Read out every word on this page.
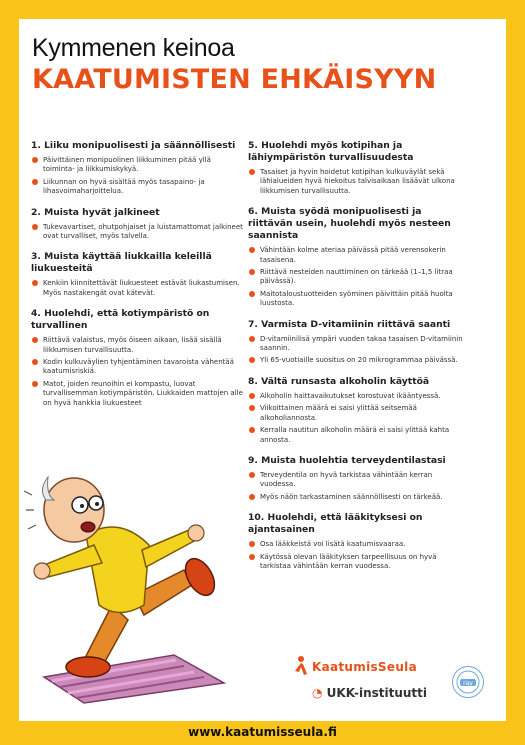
Kymmenen keinoa
KAATUMISTEN EHKÄISYYN
1. Liiku monipuolisesti ja säännöllisesti
Päivittäinen monipuolinen liikkuminen pitää yllä toiminta- ja liikkumiskykyä.
Liikunnan on hyvä sisältää myös tasapaino- ja lihasvoimaharjoittelua.
2. Muista hyvät jalkineet
Tukevavartiset, ohutpohjaiset ja luistamattomat jalkineet ovat turvalliset, myös talvella.
3. Muista käyttää liukkailla keleillä liukuesteitä
Kenkiin kiinnitettävät liukuesteet estävät liukastumisen. Myös nastakengät ovat kätevät.
4. Huolehdi, että kotiympäristö on turvallinen
Riittävä valaistus, myös öiseen aikaan, lisää sisällä liikkumisen turvallisuutta.
Kodin kulkuväylien tyhjentäminen tavaroista vähentää kaatumisriskiä.
Matot, joiden reunoihin ei kompastu, luovat turvallisemman kotiympäristön. Liukkaiden mattojen alle on hyvä hankkia liukuesteet
5. Huolehdi myös kotipihan ja lähiympäristön turvallisuudesta
Tasaiset ja hyvin hoidetut kotipihan kulkuväylät sekä lähialueiden hyvä hiekoitus talvisaikaan lisäävät ulkona liikkumisen turvallisuutta.
6. Muista syödä monipuolisesti ja riittävän usein, huolehdi myös nesteen saannista
Vähintään kolme ateriaa päivässä pitää verensokerin tasaisena.
Riittävä nesteiden nauttiminen on tärkeää (1–1,5 litraa päivässä).
Maitotaloustuotteiden syöminen päivittäin pitää huolta luustosta.
7. Varmista D-vitamiinin riittävä saanti
D-vitamiinilisä ympäri vuoden takaa tasaisen D-vitamiinin saannin.
Yli 65-vuotiaille suositus on 20 mikrogrammaa päivässä.
8. Vältä runsasta alkoholin käyttöä
Alkoholin haittavaikutukset korostuvat ikääntyessä.
Viikoittainen määrä ei saisi ylittää seitsemää alkoholiannosta.
Kerralla nautitun alkoholin määrä ei saisi ylittää kahta annosta.
9. Muista huolehtia terveydentilastasi
Terveydentila on hyvä tarkistaa vähintään kerran vuodessa.
Myös näön tarkastaminen säännöllisesti on tärkeää.
10. Huolehdi, että lääkityksesi on ajantasainen
Osa lääkkeistä voi lisätä kaatumisvaaraa.
Käytössä olevan lääkityksen tarpeellisuus on hyvä tarkistaa vähintään kerran vuodessa.
KaatumisSeula
◔ UKK-instituutti
ray
www.kaatumisseula.fi
